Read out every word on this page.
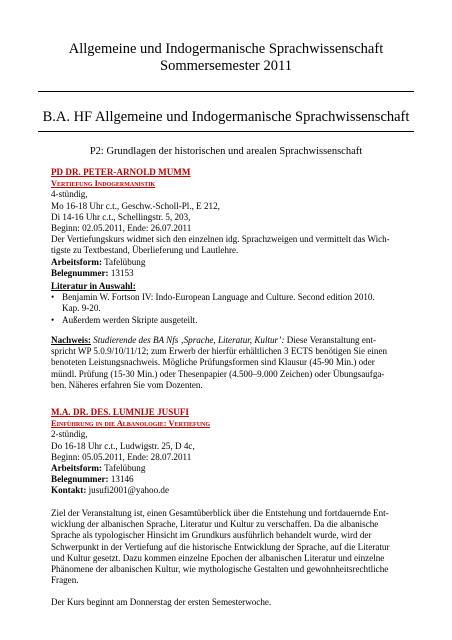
Allgemeine und Indogermanische Sprachwissenschaft
Sommersemester 2011
B.A. HF Allgemeine und Indogermanische Sprachwissenschaft
P2: Grundlagen der historischen und arealen Sprachwissenschaft
PD DR. PETER-ARNOLD MUMM
Vertiefung Indogermanistik
4-stündig,
Mo 16-18 Uhr c.t., Geschw.-Scholl-Pl., E 212,
Di 14-16 Uhr c.t., Schellingstr. 5, 203,
Beginn: 02.05.2011, Ende: 26.07.2011
Der Vertiefungskurs widmet sich den einzelnen idg. Sprachzweigen und vermittelt das Wich-
tigste zu Textbestand, Überlieferung und Lautlehre.
Arbeitsform: Tafelübung
Belegnummer: 13153
Literatur in Auswahl:
• Benjamin W. Fortson IV: Indo-European Language and Culture. Second edition 2010.
Kap. 9-20.
• Außerdem werden Skripte ausgeteilt.
Nachweis: Studierende des BA Nfs ‚Sprache, Literatur, Kultur’: Diese Veranstaltung ent-
spricht WP 5.0.9/10/11/12; zum Erwerb der hierfür erhältlichen 3 ECTS benötigen Sie einen
benoteten Leistungsnachweis. Mögliche Prüfungsformen sind Klausur (45-90 Min.) oder
mündl. Prüfung (15-30 Min.) oder Thesenpapier (4.500–9.000 Zeichen) oder Übungsaufga-
ben. Näheres erfahren Sie vom Dozenten.
M.A. DR. DES. LUMNIJE JUSUFI
Einführung in die Albanologie: Vertiefung
2-stündig,
Do 16-18 Uhr c.t., Ludwigstr. 25, D 4c,
Beginn: 05.05.2011, Ende: 28.07.2011
Arbeitsform: Tafelübung
Belegnummer: 13146
Kontakt: jusufi2001@yahoo.de
Ziel der Veranstaltung ist, einen Gesamtüberblick über die Entstehung und fortdauernde Ent-
wicklung der albanischen Sprache, Literatur und Kultur zu verschaffen. Da die albanische
Sprache als typologischer Hinsicht im Grundkurs ausführlich behandelt wurde, wird der
Schwerpunkt in der Vertiefung auf die historische Entwicklung der Sprache, auf die Literatur
und Kultur gesetzt. Dazu kommen einzelne Epochen der albanischen Literatur und einzelne
Phänomene der albanischen Kultur, wie mythologische Gestalten und gewohnheitsrechtliche
Fragen.
Der Kurs beginnt am Donnerstag der ersten Semesterwoche.
